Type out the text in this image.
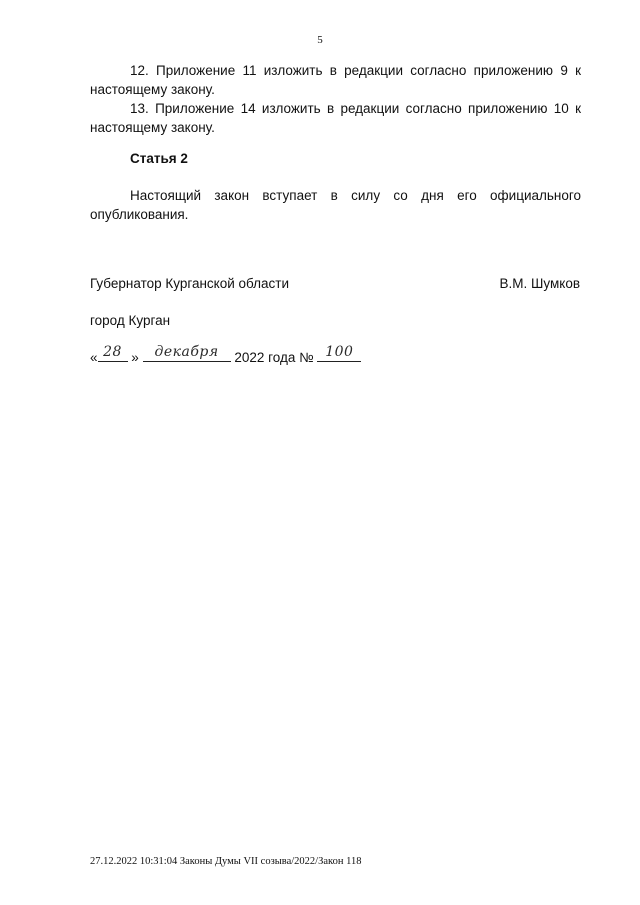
5
12. Приложение 11 изложить в редакции согласно приложению 9 к настоящему закону.
13. Приложение 14 изложить в редакции согласно приложению 10 к настоящему закону.
Статья 2
Настоящий закон вступает в силу со дня его официального опубликования.
Губернатор Курганской области	В.М. Шумков
город Курган
« 28 »	декабря	2022 года № 100
27.12.2022 10:31:04 Законы Думы VII созыва/2022/Закон 118
